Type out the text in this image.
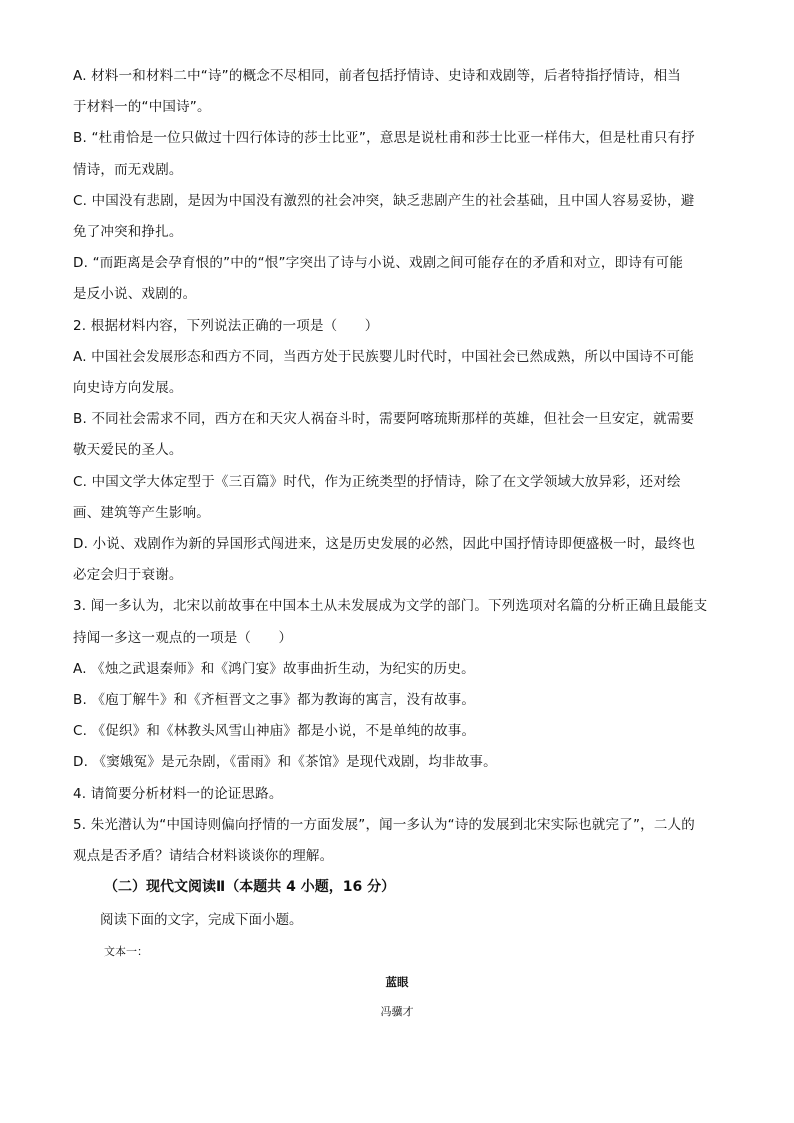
A. 材料一和材料二中“诗”的概念不尽相同，前者包括抒情诗、史诗和戏剧等，后者特指抒情诗，相当
于材料一的“中国诗”。
B. “杜甫恰是一位只做过十四行体诗的莎士比亚”，意思是说杜甫和莎士比亚一样伟大，但是杜甫只有抒
情诗，而无戏剧。
C. 中国没有悲剧，是因为中国没有激烈的社会冲突，缺乏悲剧产生的社会基础，且中国人容易妥协，避
免了冲突和挣扎。
D. “而距离是会孕育恨的”中的“恨”字突出了诗与小说、戏剧之间可能存在的矛盾和对立，即诗有可能
是反小说、戏剧的。
2. 根据材料内容，下列说法正确的一项是（　　）
A. 中国社会发展形态和西方不同，当西方处于民族婴儿时代时，中国社会已然成熟，所以中国诗不可能
向史诗方向发展。
B. 不同社会需求不同，西方在和天灾人祸奋斗时，需要阿喀琉斯那样的英雄，但社会一旦安定，就需要
敬天爱民的圣人。
C. 中国文学大体定型于《三百篇》时代，作为正统类型的抒情诗，除了在文学领域大放异彩，还对绘
画、建筑等产生影响。
D. 小说、戏剧作为新的异国形式闯进来，这是历史发展的必然，因此中国抒情诗即便盛极一时，最终也
必定会归于衰谢。
3. 闻一多认为，北宋以前故事在中国本土从未发展成为文学的部门。下列选项对名篇的分析正确且最能支
持闻一多这一观点的一项是（　　）
A. 《烛之武退秦师》和《鸿门宴》故事曲折生动，为纪实的历史。
B. 《庖丁解牛》和《齐桓晋文之事》都为教诲的寓言，没有故事。
C. 《促织》和《林教头风雪山神庙》都是小说，不是单纯的故事。
D. 《窦娥冤》是元杂剧，《雷雨》和《茶馆》是现代戏剧，均非故事。
4. 请简要分析材料一的论证思路。
5. 朱光潜认为“中国诗则偏向抒情的一方面发展”，闻一多认为“诗的发展到北宋实际也就完了”，二人的
观点是否矛盾？请结合材料谈谈你的理解。
（二）现代文阅读Ⅱ（本题共 4 小题，16 分）
阅读下面的文字，完成下面小题。
文本一：
蓝眼
冯骥才
